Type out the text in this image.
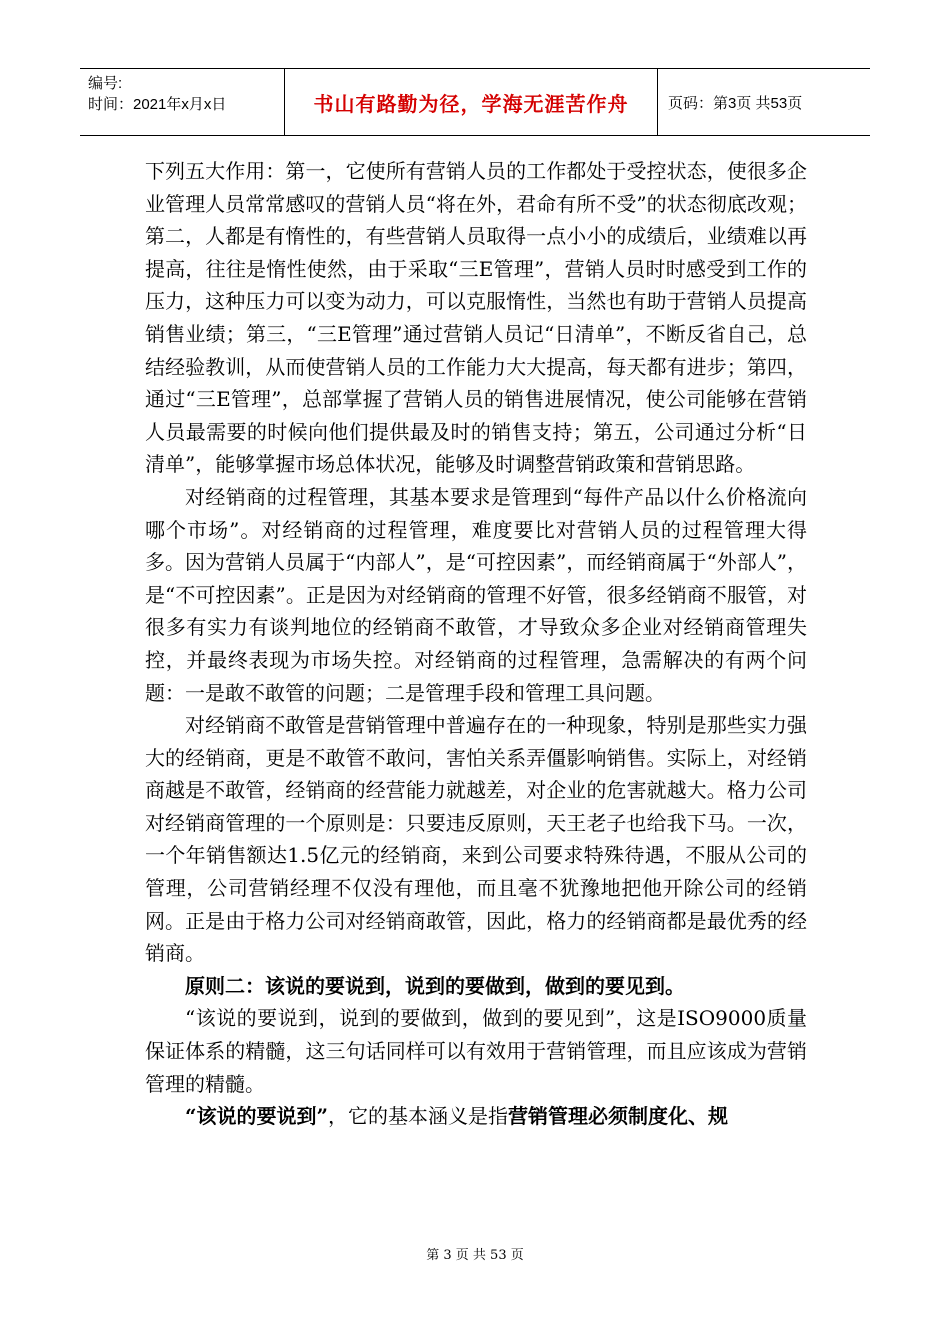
编号:
时间：2021年x月x日	书山有路勤为径，学海无涯苦作舟	页码：第3页 共53页

下列五大作用：第一，它使所有营销人员的工作都处于受控状态，使很多企业管理人员常常感叹的营销人员“将在外，君命有所不受”的状态彻底改观；第二，人都是有惰性的，有些营销人员取得一点小小的成绩后，业绩难以再提高，往往是惰性使然，由于采取“三E管理”，营销人员时时感受到工作的压力，这种压力可以变为动力，可以克服惰性，当然也有助于营销人员提高销售业绩；第三，“三E管理”通过营销人员记“日清单”，不断反省自己，总结经验教训，从而使营销人员的工作能力大大提高，每天都有进步；第四，通过“三E管理”，总部掌握了营销人员的销售进展情况，使公司能够在营销人员最需要的时候向他们提供最及时的销售支持；第五，公司通过分析“日清单”，能够掌握市场总体状况，能够及时调整营销政策和营销思路。

对经销商的过程管理，其基本要求是管理到“每件产品以什么价格流向哪个市场”。对经销商的过程管理，难度要比对营销人员的过程管理大得多。因为营销人员属于“内部人”，是“可控因素”，而经销商属于“外部人”，是“不可控因素”。正是因为对经销商的管理不好管，很多经销商不服管，对很多有实力有谈判地位的经销商不敢管，才导致众多企业对经销商管理失控，并最终表现为市场失控。对经销商的过程管理，急需解决的有两个问题：一是敢不敢管的问题；二是管理手段和管理工具问题。

对经销商不敢管是营销管理中普遍存在的一种现象，特别是那些实力强大的经销商，更是不敢管不敢问，害怕关系弄僵影响销售。实际上，对经销商越是不敢管，经销商的经营能力就越差，对企业的危害就越大。格力公司对经销商管理的一个原则是：只要违反原则，天王老子也给我下马。一次，一个年销售额达1.5亿元的经销商，来到公司要求特殊待遇，不服从公司的管理，公司营销经理不仅没有理他，而且毫不犹豫地把他开除公司的经销网。正是由于格力公司对经销商敢管，因此，格力的经销商都是最优秀的经销商。

原则二：该说的要说到，说到的要做到，做到的要见到。

“该说的要说到，说到的要做到，做到的要见到”，这是ISO9000质量保证体系的精髓，这三句话同样可以有效用于营销管理，而且应该成为营销管理的精髓。

“该说的要说到”，它的基本涵义是指营销管理必须制度化、规

第 3 页 共 53 页
